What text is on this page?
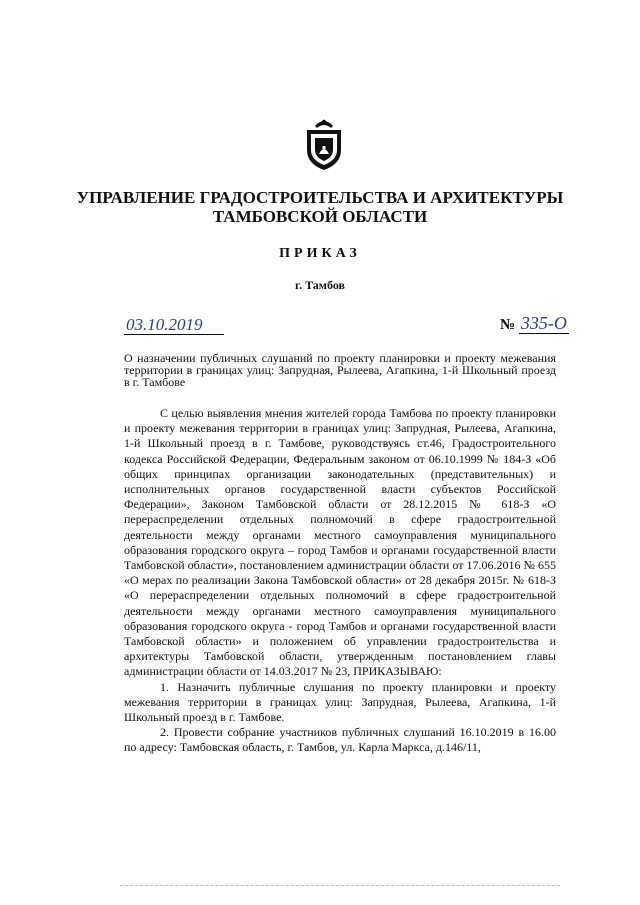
УПРАВЛЕНИЕ ГРАДОСТРОИТЕЛЬСТВА И АРХИТЕКТУРЫ
ТАМБОВСКОЙ ОБЛАСТИ
ПРИКАЗ
г. Тамбов
03.10.2019	№ 335-О
О назначении публичных слушаний по проекту планировки и проекту межевания территории в границах улиц: Запрудная, Рылеева, Агапкина, 1-й Школьный проезд в г. Тамбове

С целью выявления мнения жителей города Тамбова по проекту планировки и проекту межевания территории в границах улиц: Запрудная, Рылеева, Агапкина, 1-й Школьный проезд в г. Тамбове, руководствуясь ст.46, Градостроительного кодекса Российской Федерации, Федеральным законом от 06.10.1999 № 184-З «Об общих принципах организации законодательных (представительных) и исполнительных органов государственной власти субъектов Российской Федерации», Законом Тамбовской области от 28.12.2015 № 618-З «О перераспределении отдельных полномочий в сфере градостроительной деятельности между органами местного самоуправления муниципального образования городского округа – город Тамбов и органами государственной власти Тамбовской области», постановлением администрации области от 17.06.2016 № 655 «О мерах по реализации Закона Тамбовской области» от 28 декабря 2015г. № 618-З «О перераспределении отдельных полномочий в сфере градостроительной деятельности между органами местного самоуправления муниципального образования городского округа - город Тамбов и органами государственной власти Тамбовской области» и положением об управлении градостроительства и архитектуры Тамбовской области, утвержденным постановлением главы администрации области от 14.03.2017 № 23, ПРИКАЗЫВАЮ:

1. Назначить публичные слушания по проекту планировки и проекту межевания территории в границах улиц: Запрудная, Рылеева, Агапкина, 1-й Школьный проезд в г. Тамбове.

2. Провести собрание участников публичных слушаний 16.10.2019 в 16.00 по адресу: Тамбовская область, г. Тамбов, ул. Карла Маркса, д.146/11,
